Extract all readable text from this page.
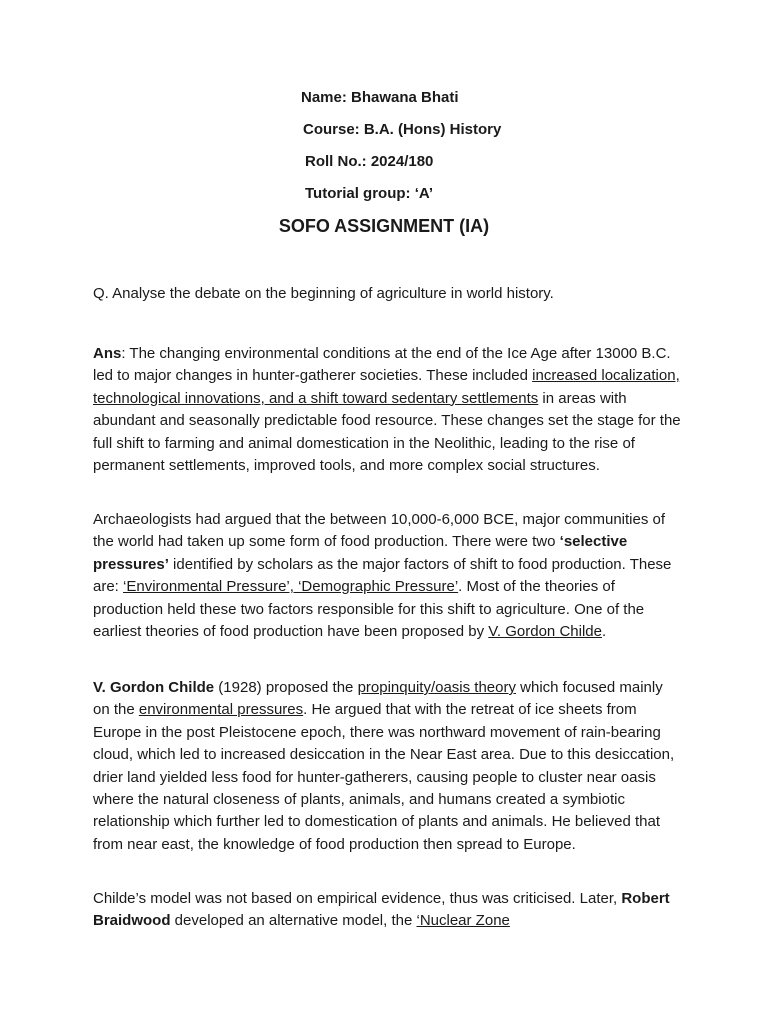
Name: Bhawana Bhati
Course: B.A. (Hons) History
Roll No.: 2024/180
Tutorial group: ‘A’
SOFO ASSIGNMENT (IA)
Q. Analyse the debate on the beginning of agriculture in world history.

Ans: The changing environmental conditions at the end of the Ice Age after 13000 B.C. led to major changes in hunter-gatherer societies. These included increased localization, technological innovations, and a shift toward sedentary settlements in areas with abundant and seasonally predictable food resource. These changes set the stage for the full shift to farming and animal domestication in the Neolithic, leading to the rise of permanent settlements, improved tools, and more complex social structures.

Archaeologists had argued that the between 10,000-6,000 BCE, major communities of the world had taken up some form of food production. There were two ‘selective pressures’ identified by scholars as the major factors of shift to food production. These are: ‘Environmental Pressure’, ‘Demographic Pressure’. Most of the theories of production held these two factors responsible for this shift to agriculture. One of the earliest theories of food production have been proposed by V. Gordon Childe.

V. Gordon Childe (1928) proposed the propinquity/oasis theory which focused mainly on the environmental pressures. He argued that with the retreat of ice sheets from Europe in the post Pleistocene epoch, there was northward movement of rain-bearing cloud, which led to increased desiccation in the Near East area. Due to this desiccation, drier land yielded less food for hunter-gatherers, causing people to cluster near oasis where the natural closeness of plants, animals, and humans created a symbiotic relationship which further led to domestication of plants and animals. He believed that from near east, the knowledge of food production then spread to Europe.

Childe’s model was not based on empirical evidence, thus was criticised. Later, Robert Braidwood developed an alternative model, the ‘Nuclear Zone
